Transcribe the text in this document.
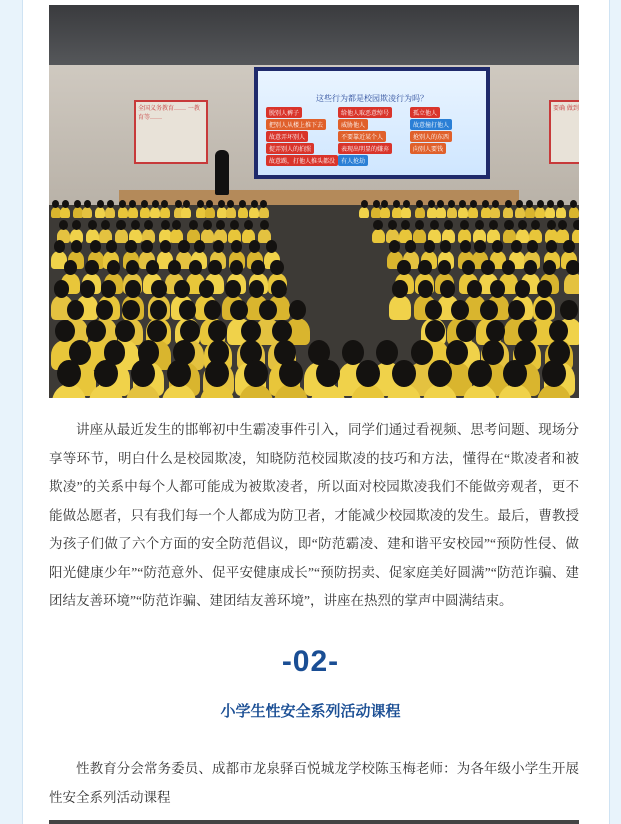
全国义务教育…… 一教育等……
要确 做到
这些行为都是校园欺凌行为吗？
脱别人裤子	给他人取恶意绰号	孤立他人
把别人从楼上推下去	威胁他人	故意撞打他人
故意弄坏别人	不要靠近某个人	抢别人的东西
捉弄别人的拍照	表现出明显的嫌弃	向别人要钱
故意踢，打他人推头都没 有人抢劫

讲座从最近发生的邯郸初中生霸凌事件引入，同学们通过看视频、思考问题、现场分享等环节，明白什么是校园欺凌，知晓防范校园欺凌的技巧和方法，懂得在“欺凌者和被欺凌”的关系中每个人都可能成为被欺凌者，所以面对校园欺凌我们不能做旁观者，更不能做怂愿者，只有我们每一个人都成为防卫者，才能减少校园欺凌的发生。最后，曹教授为孩子们做了六个方面的安全防范倡议，即“防范霸凌、建和谐平安校园”“预防性侵、做阳光健康少年”“防范意外、促平安健康成长”“预防拐卖、促家庭美好圆满”“防范诈骗、建团结友善环境”“防范诈骗、建团结友善环境”，讲座在热烈的掌声中圆满结束。

-02-
小学生性安全系列活动课程

性教育分会常务委员、成都市龙泉驿百悦城龙学校陈玉梅老师：为各年级小学生开展性安全系列活动课程
